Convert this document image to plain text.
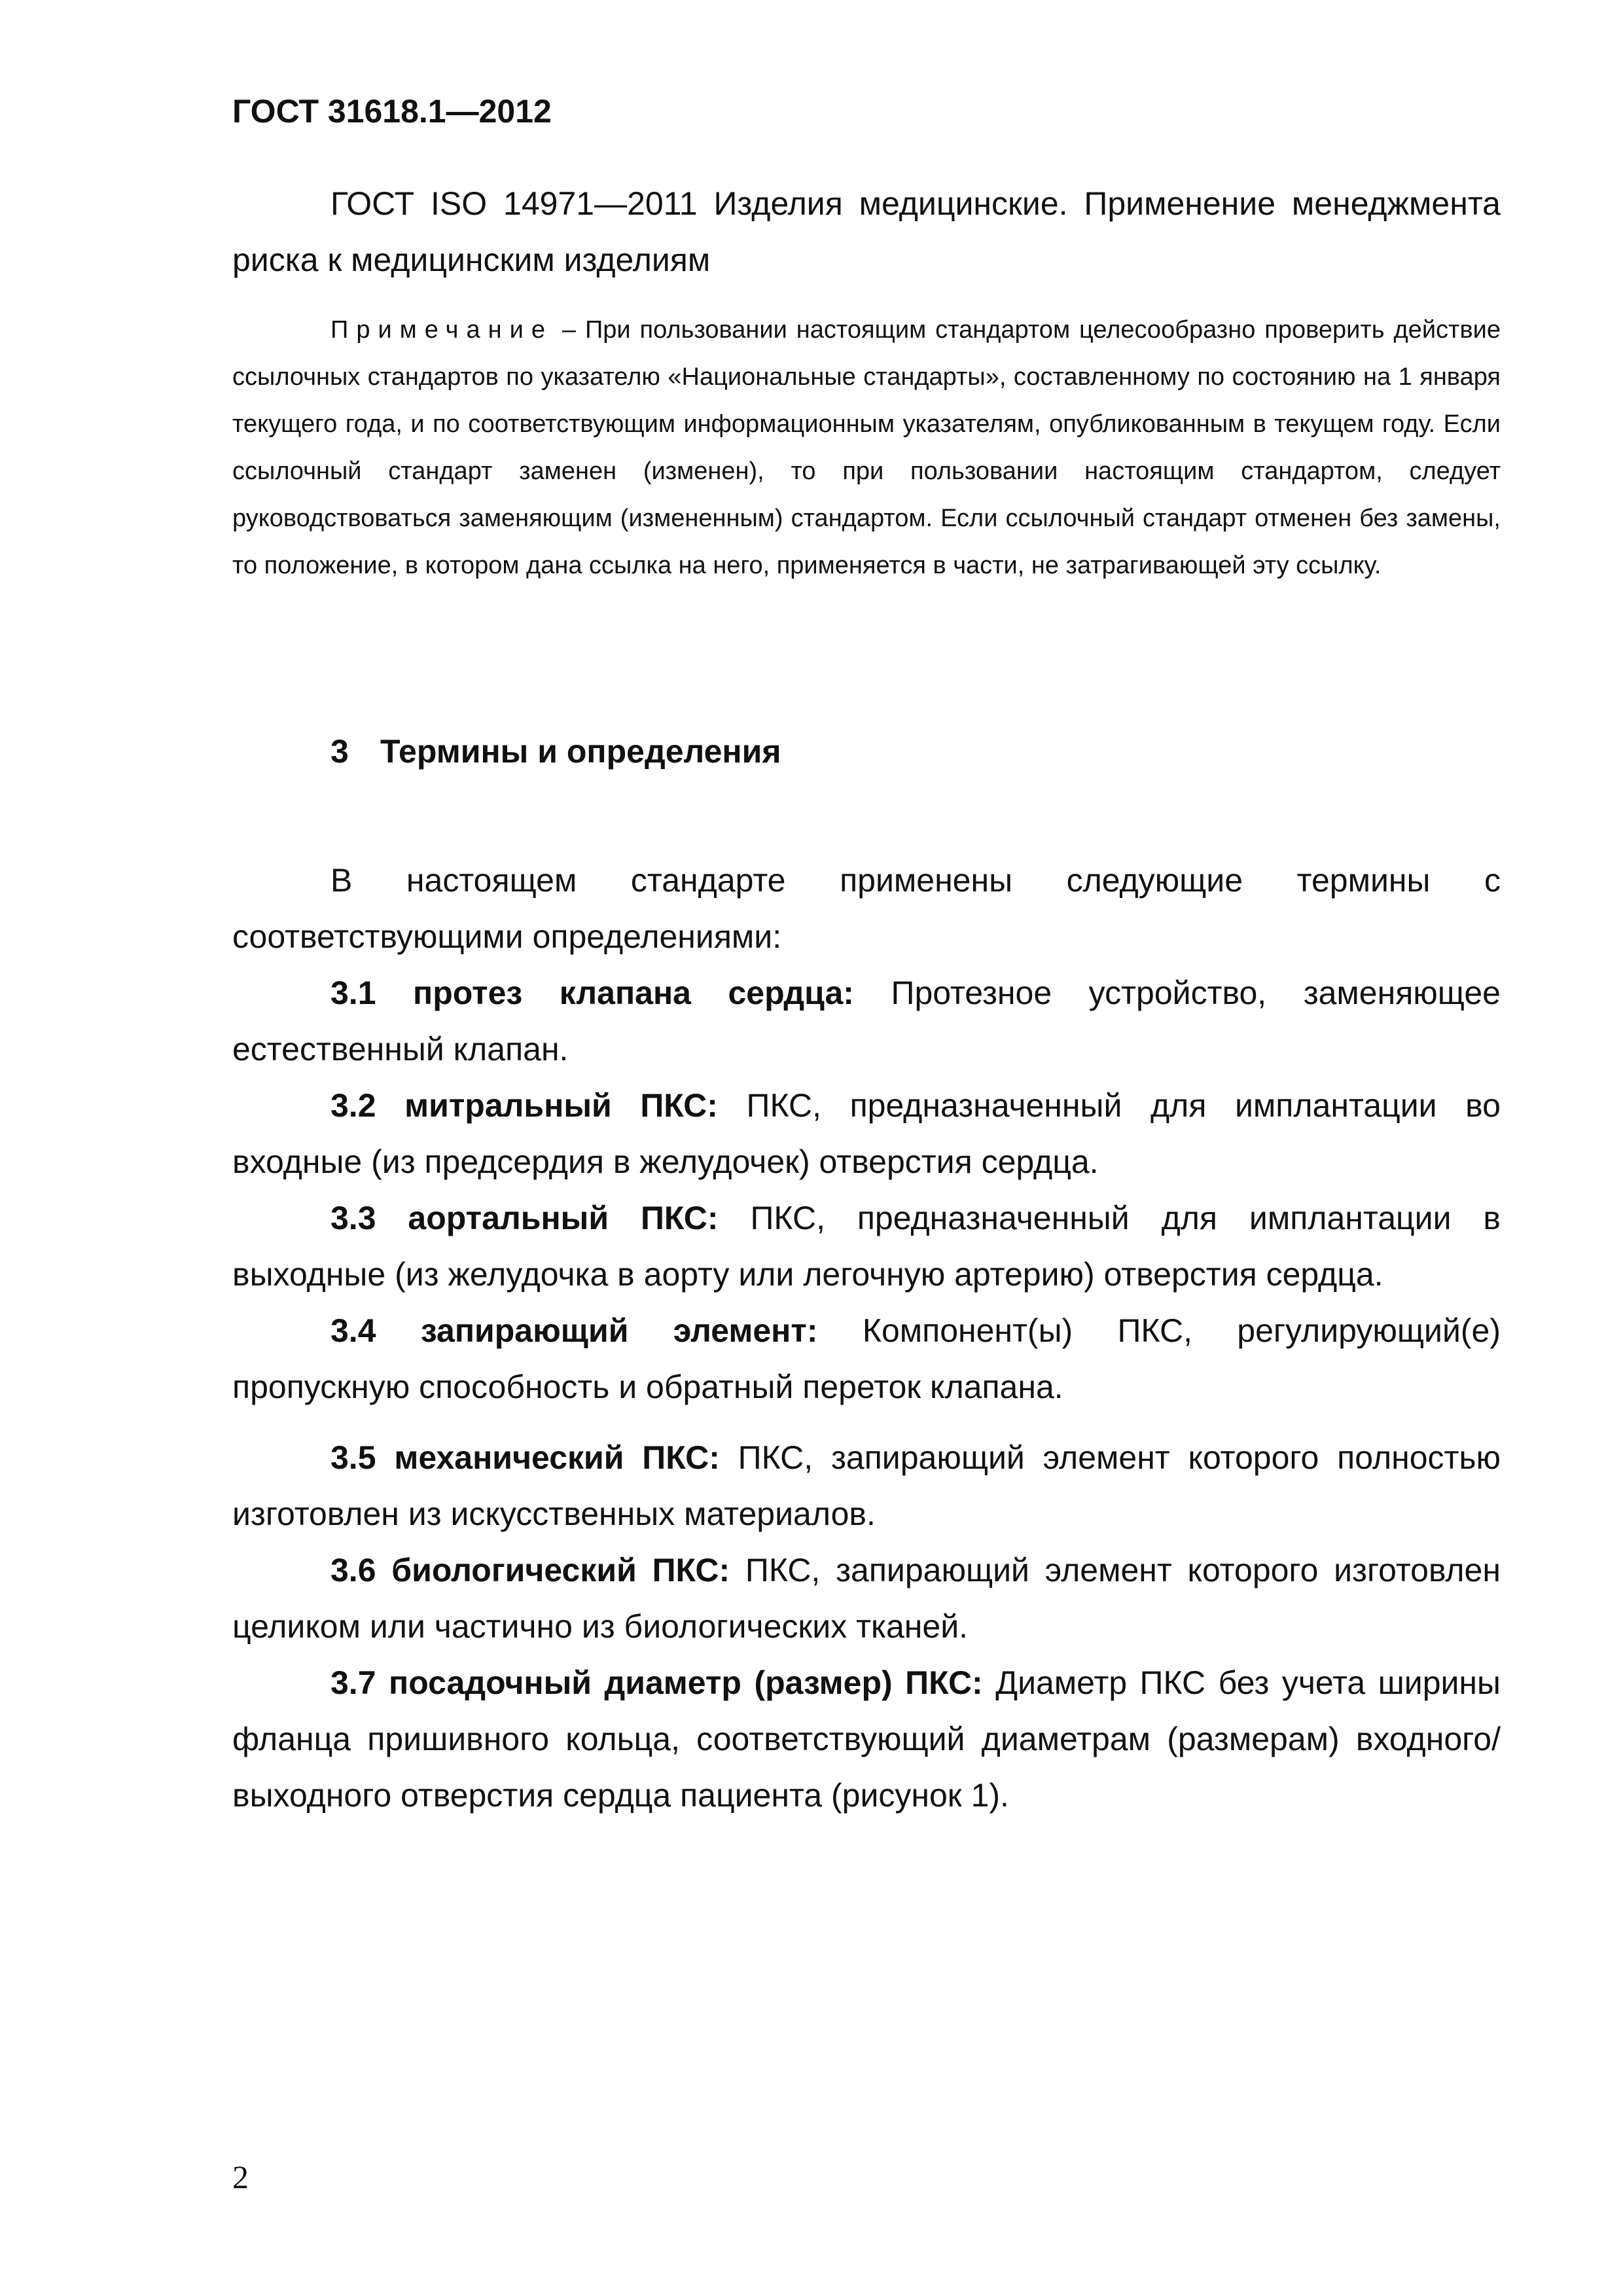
ГОСТ 31618.1—2012

ГОСТ ISO 14971—2011 Изделия медицинские. Применение менеджмента риска к медицинским изделиям

Примечание – При пользовании настоящим стандартом целесообразно проверить действие ссылочных стандартов по указателю «Национальные стандарты», составленному по состоянию на 1 января текущего года, и по соответствующим информационным указателям, опубликованным в текущем году. Если ссылочный стандарт заменен (изменен), то при пользовании настоящим стандартом, следует руководствоваться заменяющим (измененным) стандартом. Если ссылочный стандарт отменен без замены, то положение, в котором дана ссылка на него, применяется в части, не затрагивающей эту ссылку.

3 Термины и определения

В настоящем стандарте применены следующие термины с соответствующими определениями:

3.1 протез клапана сердца: Протезное устройство, заменяющее естественный клапан.

3.2 митральный ПКС: ПКС, предназначенный для имплантации во входные (из предсердия в желудочек) отверстия сердца.

3.3 аортальный ПКС: ПКС, предназначенный для имплантации в выходные (из желудочка в аорту или легочную артерию) отверстия сердца.

3.4 запирающий элемент: Компонент(ы) ПКС, регулирующий(е) пропускную способность и обратный переток клапана.

3.5 механический ПКС: ПКС, запирающий элемент которого полностью изготовлен из искусственных материалов.

3.6 биологический ПКС: ПКС, запирающий элемент которого изготовлен целиком или частично из биологических тканей.

3.7 посадочный диаметр (размер) ПКС: Диаметр ПКС без учета ширины фланца пришивного кольца, соответствующий диаметрам (размерам) входного/выходного отверстия сердца пациента (рисунок 1).

2
